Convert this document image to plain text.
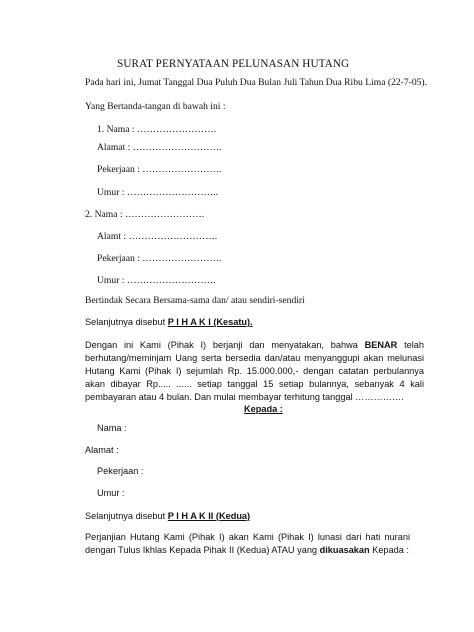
SURAT PERNYATAAN PELUNASAN HUTANG
Pada hari ini, Jumat Tanggal Dua Puluh Dua Bulan Juli Tahun Dua Ribu Lima (22-7-05).
Yang Bertanda-tangan di bawah ini :
1. Nama : …………………….
Alamat : ……………………….
Pekerjaan : …………………….
Umur : ………………………..
2. Nama : …………………….
Alamt : ……………………….
Pekerjaan : …………………….
Umur : ……………………….
Bertindak Secara Bersama-sama dan/ atau sendiri-sendiri
Selanjutnya disebut P I H A K I (Kesatu).
Dengan ini Kami (Pihak I) berjanji dan menyatakan, bahwa BENAR telah
berhutang/meminjam Uang serta bersedia dan/atau menyanggupi akan melunasi
Hutang Kami (Pihak I) sejumlah Rp. 15.000.000,- dengan catatan perbulannya
akan dibayar Rp..... ...... setiap tanggal 15 setiap bulannya, sebanyak 4 kali
pembayaran atau 4 bulan. Dan mulai membayar terhitung tanggal …………….
Kepada :
Nama :
Alamat :
Pekerjaan :
Umur :
Selanjutnya disebut P I H A K II (Kedua)
Perjanjian Hutang Kami (Pihak I) akan Kami (Pihak I) lunasi dari hati nurani
dengan Tulus Ikhlas Kepada Pihak II (Kedua) ATAU yang dikuasakan Kepada :
